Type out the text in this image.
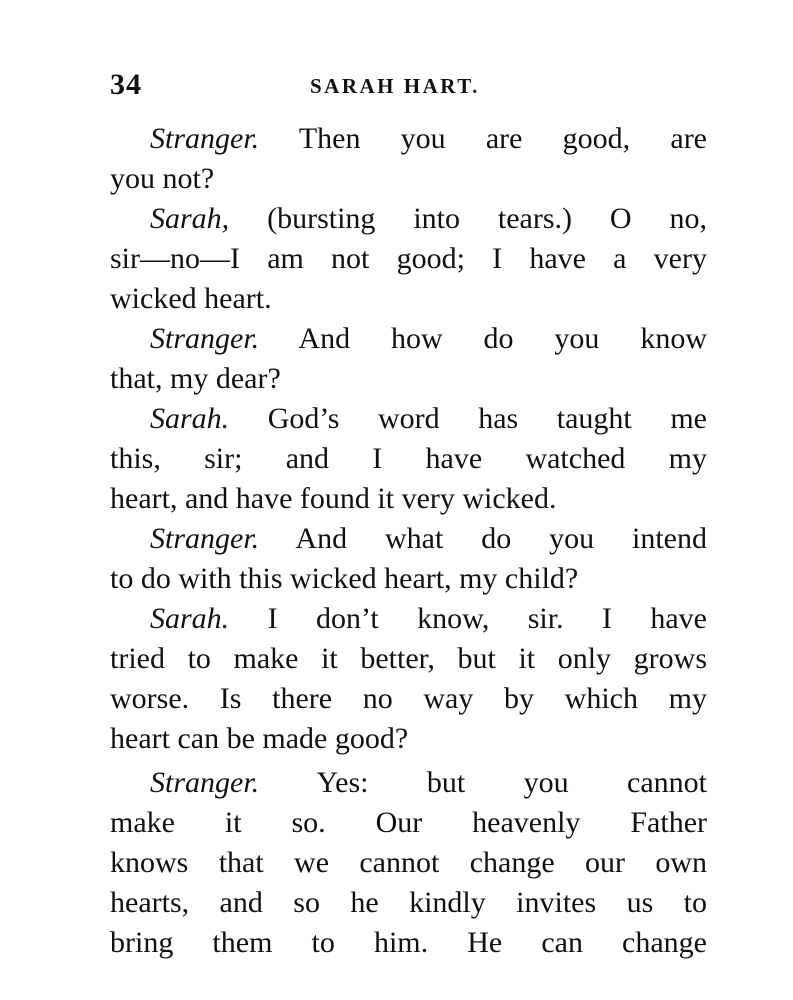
34	SARAH HART.
Stranger. Then you are good, are
you not?
Sarah, (bursting into tears.) O no,
sir—no—I am not good; I have a very
wicked heart.
Stranger. And how do you know
that, my dear?
Sarah. God’s word has taught me
this, sir; and I have watched my
heart, and have found it very wicked.
Stranger. And what do you intend
to do with this wicked heart, my child?
Sarah. I don’t know, sir. I have
tried to make it better, but it only grows
worse. Is there no way by which my
heart can be made good?
Stranger. Yes: but you cannot
make it so. Our heavenly Father
knows that we cannot change our own
hearts, and so he kindly invites us to
bring them to him. He can change
